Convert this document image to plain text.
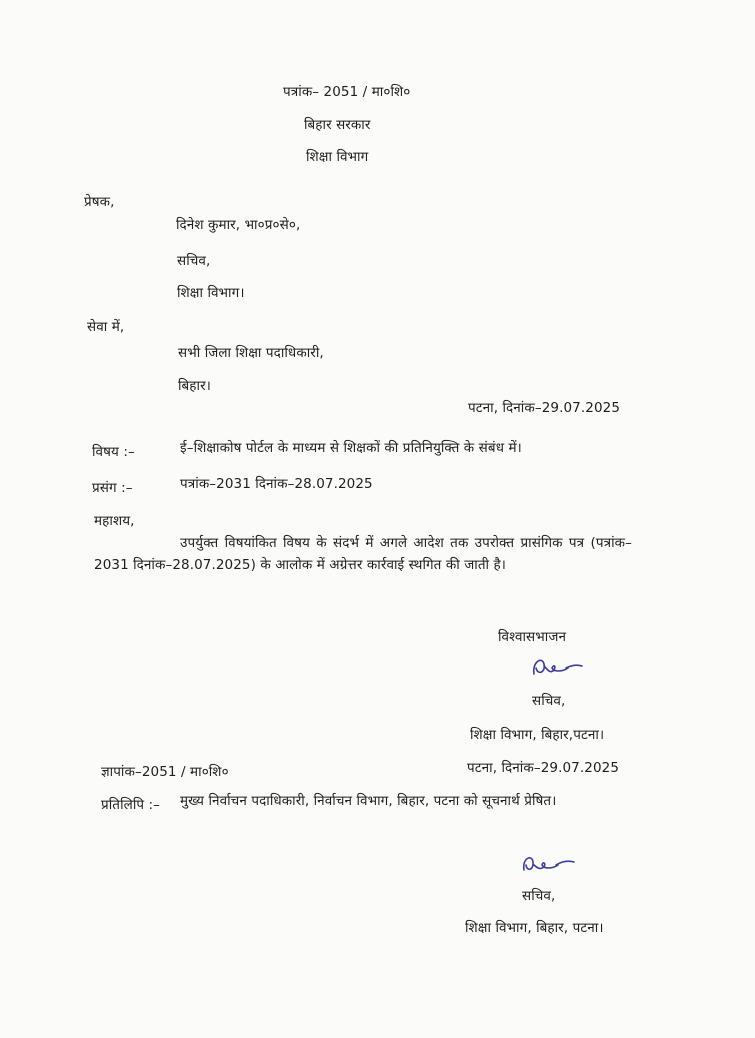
पत्रांक– 2051 / मा०शि०
बिहार सरकार
शिक्षा विभाग
प्रेषक,
दिनेश कुमार, भा०प्र०से०,
सचिव,
शिक्षा विभाग।
सेवा में,
सभी जिला शिक्षा पदाधिकारी,
बिहार।
पटना, दिनांक–29.07.2025
विषय :–	ई–शिक्षाकोष पोर्टल के माध्यम से शिक्षकों की प्रतिनियुक्ति के संबंध में।
प्रसंग :–	पत्रांक–2031 दिनांक–28.07.2025
महाशय,
उपर्युक्त विषयांकित विषय के संदर्भ में अगले आदेश तक उपरोक्त प्रासंगिक पत्र (पत्रांक–2031 दिनांक–28.07.2025) के आलोक में अग्रेत्तर कार्रवाई स्थगित की जाती है।
विश्वासभाजन
सचिव,
शिक्षा विभाग, बिहार,पटना।
ज्ञापांक–2051 / मा०शि०	पटना, दिनांक–29.07.2025
प्रतिलिपि :– मुख्य निर्वाचन पदाधिकारी, निर्वाचन विभाग, बिहार, पटना को सूचनार्थ प्रेषित।
सचिव,
शिक्षा विभाग, बिहार, पटना।
